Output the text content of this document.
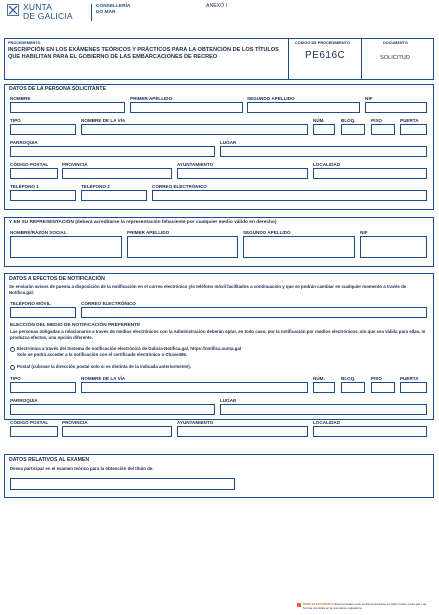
XUNTA
DE GALICIA
CONSELLERÍA
DO MAR
ANEXO I
PROCEDEMENTO
INSCRIPCIÓN EN LOS EXÁMENES TEÓRICOS Y PRÁCTICOS PARA LA OBTENCIÓN DE LOS TÍTULOS QUE HABILITAN PARA EL GOBIERNO DE LAS EMBARCACIONES DE RECREO
CÓDIGO DE PROCEDIMIENTO
PE616C
DOCUMENTO
SOLICITUD
DATOS DE LA PERSONA SOLICITANTE
NOMBRE	PRIMER APELLIDO	SEGUNDO APELLIDO	NIF
TIPO	NOMBRE DE LA VÍA	NÚM.	BLOQ.	PISO	PUERTA
PARROQUIA	LUGAR
CÓDIGO POSTAL	PROVINCIA	AYUNTAMIENTO	LOCALIDAD
TELÉFONO 1	TELÉFONO 2	CORREO ELECTRÓNICO
Y EN SU REPRESENTACIÓN (deberá acreditarse la representación fehaciente por cualquier medio válido en derecho)
NOMBRE/RAZÓN SOCIAL	PRIMER APELLIDO	SEGUNDO APELLIDO	NIF
DATOS A EFECTOS DE NOTIFICACIÓN
Se enviarán avisos de puesta a disposición de la notificación en el correo electrónico y/o teléfono móvil facilitados a continuación y que se podrán cambiar en cualquier momento a través de Notifica.gal:
TELÉFONO MÓVIL	CORREO ELECTRÓNICO
ELECCIÓN DEL MEDIO DE NOTIFICACIÓN PREFERENTE
Las personas obligadas a relacionarse a través de medios electrónicos con la Administración deberán optar, en todo caso, por la notificación por medios electrónicos, sin que sea válida para ellas, ni produzca efectos, una opción diferente.
Electrónica a través del Sistema de notificación electrónica de Galicia-Notifica.gal, https://notifica.xunta.gal
Solo se podrá acceder a la notificación con el certificado electrónico o Chave365.
Postal (cubrase la dirección postal solo si es distinta de la indicada anteriormente).
TIPO	NOMBRE DE LA VÍA	NÚM.	BLOQ.	PISO	PUERTA
PARROQUIA	LUGAR
CÓDIGO POSTAL	PROVINCIA	AYUNTAMIENTO	LOCALIDAD
DATOS RELATIVOS AL EXAMEN
Desea participar en el examen teórico para la obtención del título de:
SEDE ELECTRÓNICA Este formulario solo podrá presentarse en https://sede.xunta.gal. Las formas previstas en la normativa reguladora
